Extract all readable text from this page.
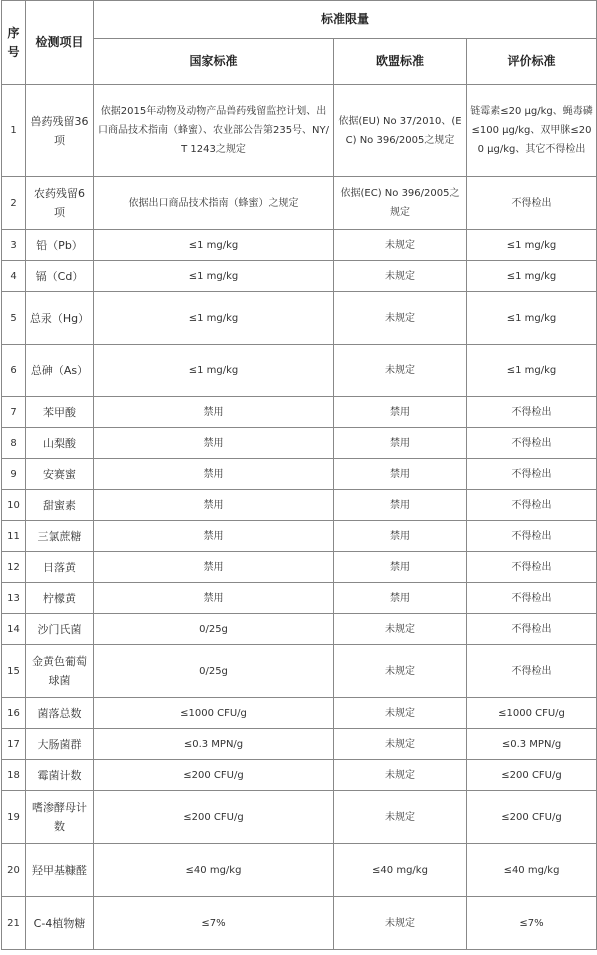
序号	检测项目	标准限量		
		国家标准	欧盟标准	评价标准
1	兽药残留36项	依据2015年动物及动物产品兽药残留监控计划、出口商品技术指南（蜂蜜）、农业部公告第235号、NY/T 1243之规定	依据(EU) No 37/2010、(EC) No 396/2005之规定	链霉素≤20 μg/kg、蝇毒磷≤100 μg/kg、双甲脒≤200 μg/kg、其它不得检出
2	农药残留6项	依据出口商品技术指南（蜂蜜）之规定	依据(EC) No 396/2005之规定	不得检出
3	铅（Pb）	≤1 mg/kg	未规定	≤1 mg/kg
4	镉（Cd）	≤1 mg/kg	未规定	≤1 mg/kg
5	总汞（Hg）	≤1 mg/kg	未规定	≤1 mg/kg
6	总砷（As）	≤1 mg/kg	未规定	≤1 mg/kg
7	苯甲酸	禁用	禁用	不得检出
8	山梨酸	禁用	禁用	不得检出
9	安赛蜜	禁用	禁用	不得检出
10	甜蜜素	禁用	禁用	不得检出
11	三氯蔗糖	禁用	禁用	不得检出
12	日落黄	禁用	禁用	不得检出
13	柠檬黄	禁用	禁用	不得检出
14	沙门氏菌	0/25g	未规定	不得检出
15	金黄色葡萄球菌	0/25g	未规定	不得检出
16	菌落总数	≤1000 CFU/g	未规定	≤1000 CFU/g
17	大肠菌群	≤0.3 MPN/g	未规定	≤0.3 MPN/g
18	霉菌计数	≤200 CFU/g	未规定	≤200 CFU/g
19	嗜渗酵母计数	≤200 CFU/g	未规定	≤200 CFU/g
20	羟甲基糠醛	≤40 mg/kg	≤40 mg/kg	≤40 mg/kg
21	C-4植物糖	≤7%	未规定	≤7%
